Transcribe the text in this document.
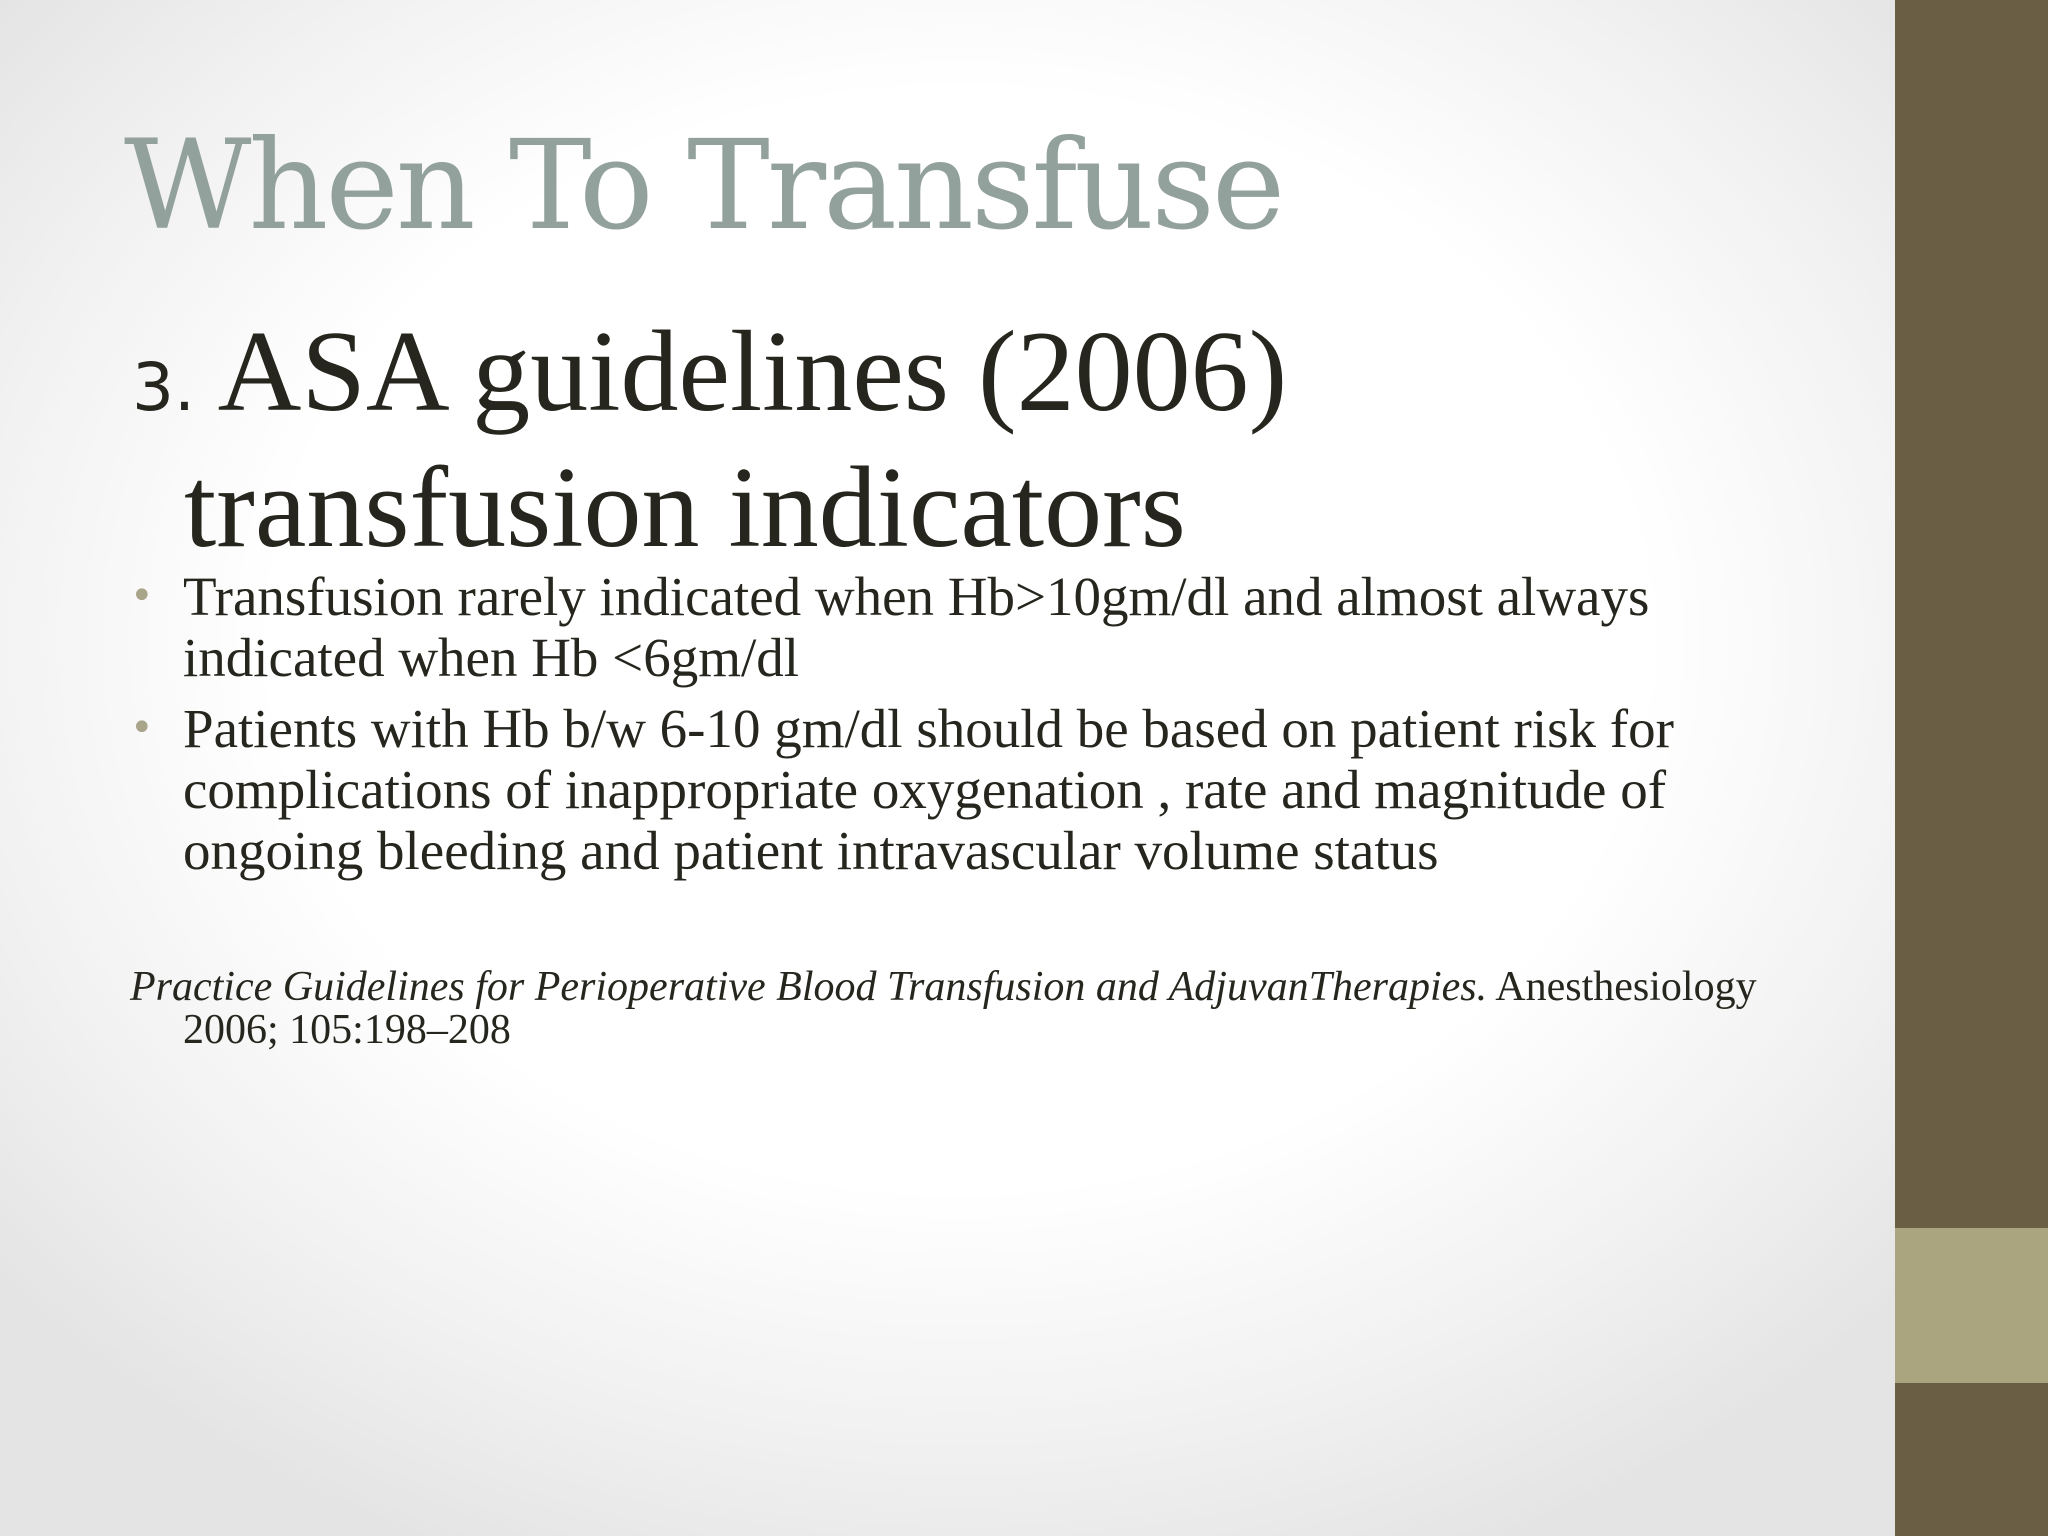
When To Transfuse
3. ASA guidelines (2006)
transfusion indicators
• Transfusion rarely indicated when Hb>10gm/dl and almost always
indicated when Hb <6gm/dl
• Patients with Hb b/w 6-10 gm/dl should be based on patient risk for
complications of inappropriate oxygenation , rate and magnitude of
ongoing bleeding and patient intravascular volume status
Practice Guidelines for Perioperative Blood Transfusion and AdjuvanTherapies. Anesthesiology
2006; 105:198–208
